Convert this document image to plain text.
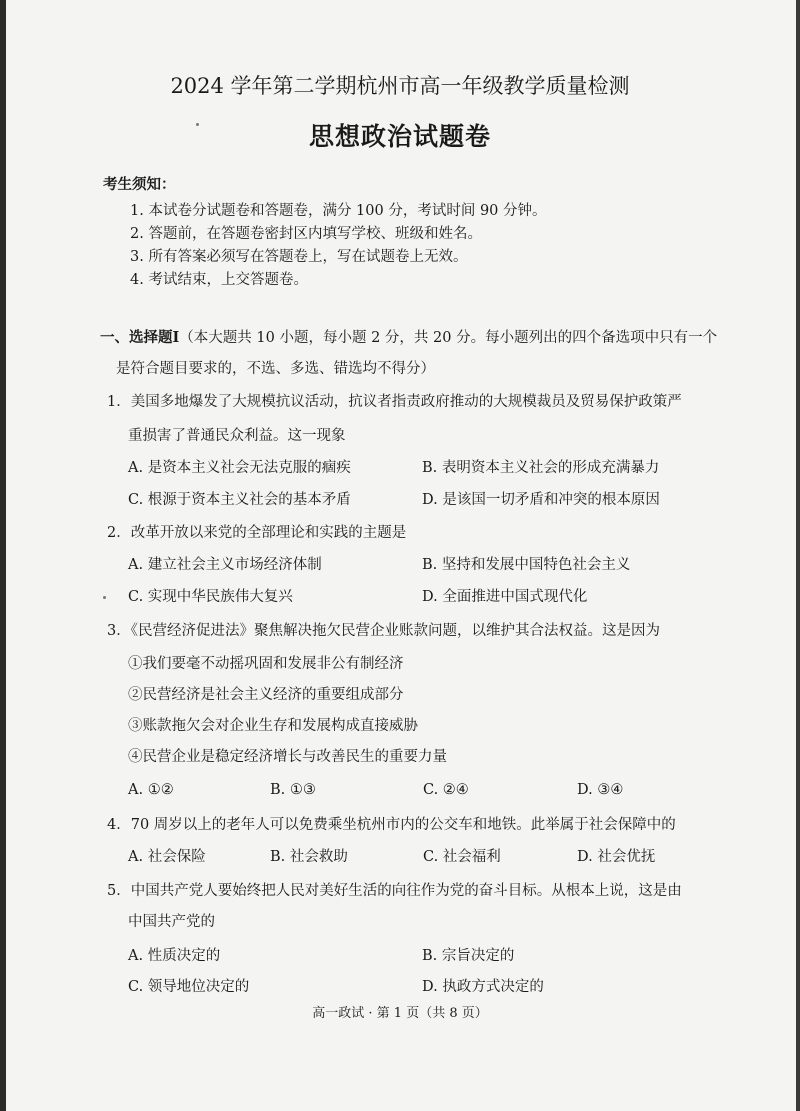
2024 学年第二学期杭州市高一年级教学质量检测
思想政治试题卷
考生须知：
1. 本试卷分试题卷和答题卷，满分 100 分，考试时间 90 分钟。
2. 答题前，在答题卷密封区内填写学校、班级和姓名。
3. 所有答案必须写在答题卷上，写在试题卷上无效。
4. 考试结束，上交答题卷。
一、选择题Ⅰ（本大题共 10 小题，每小题 2 分，共 20 分。每小题列出的四个备选项中只有一个
是符合题目要求的，不选、多选、错选均不得分）
1．美国多地爆发了大规模抗议活动，抗议者指责政府推动的大规模裁员及贸易保护政策严
重损害了普通民众利益。这一现象
A. 是资本主义社会无法克服的痼疾	B. 表明资本主义社会的形成充满暴力
C. 根源于资本主义社会的基本矛盾	D. 是该国一切矛盾和冲突的根本原因
2．改革开放以来党的全部理论和实践的主题是
A. 建立社会主义市场经济体制	B. 坚持和发展中国特色社会主义
C. 实现中华民族伟大复兴	D. 全面推进中国式现代化
3．《民营经济促进法》聚焦解决拖欠民营企业账款问题，以维护其合法权益。这是因为
①我们要毫不动摇巩固和发展非公有制经济
②民营经济是社会主义经济的重要组成部分
③账款拖欠会对企业生存和发展构成直接威胁
④民营企业是稳定经济增长与改善民生的重要力量
A. ①②	B. ①③	C. ②④	D. ③④
4．70 周岁以上的老年人可以免费乘坐杭州市内的公交车和地铁。此举属于社会保障中的
A. 社会保险	B. 社会救助	C. 社会福利	D. 社会优抚
5．中国共产党人要始终把人民对美好生活的向往作为党的奋斗目标。从根本上说，这是由
中国共产党的
A. 性质决定的	B. 宗旨决定的
C. 领导地位决定的	D. 执政方式决定的
高一政试 · 第 1 页（共 8 页）
